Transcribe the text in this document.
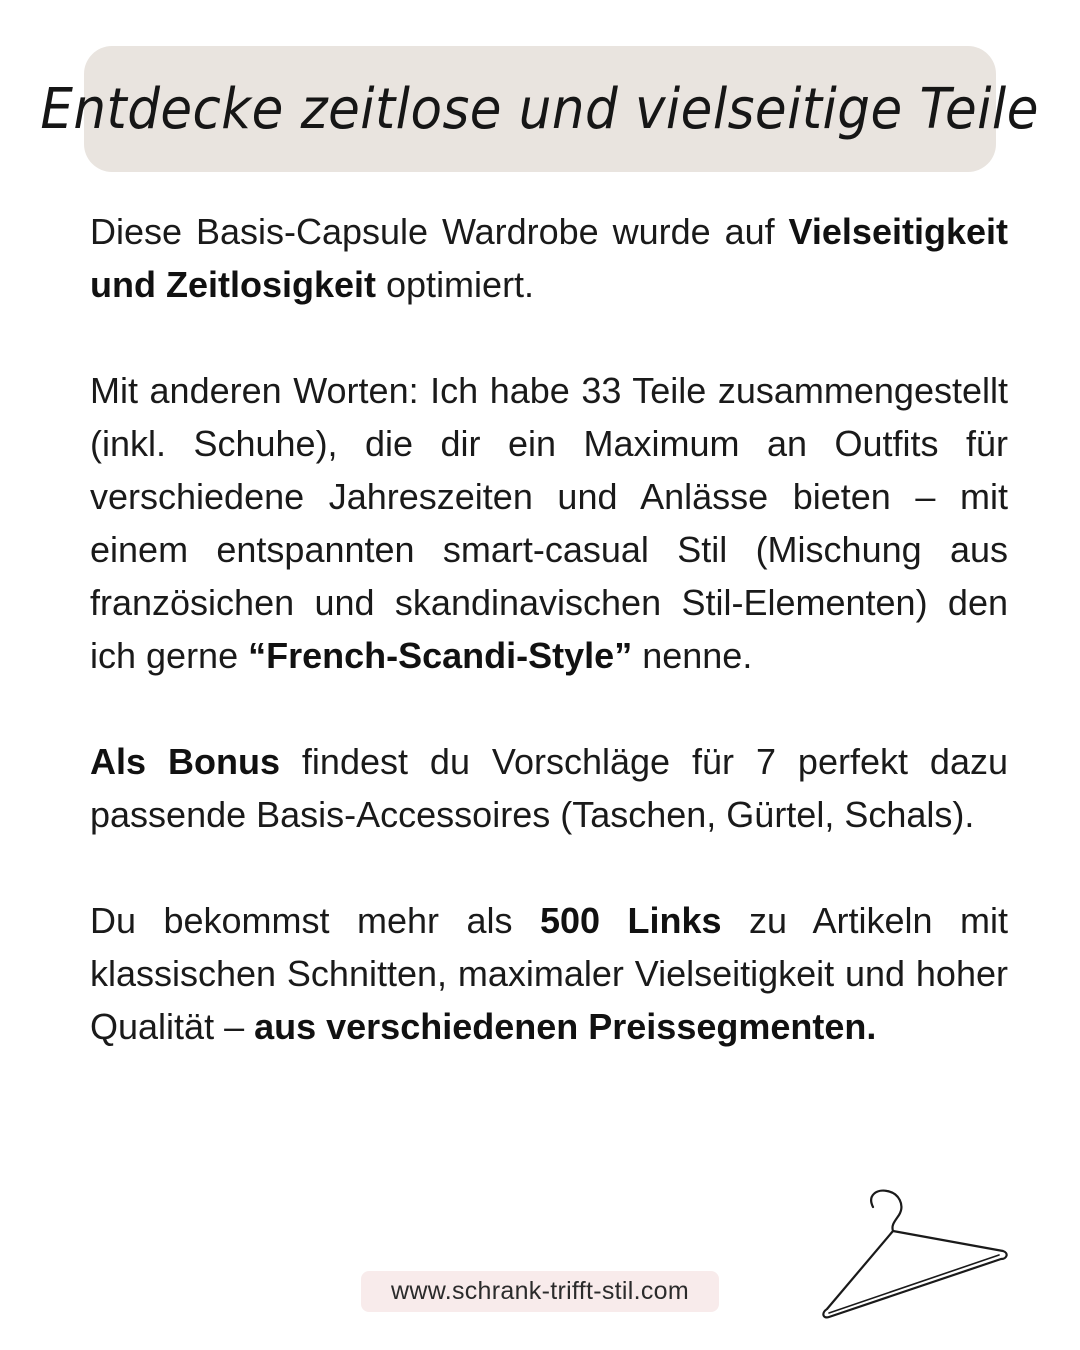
Entdecke zeitlose und vielseitige Teile

Diese Basis-Capsule Wardrobe wurde auf Vielseitigkeit und Zeitlosigkeit optimiert.

Mit anderen Worten: Ich habe 33 Teile zusammengestellt (inkl. Schuhe), die dir ein Maximum an Outfits für verschiedene Jahreszeiten und Anlässe bieten – mit einem entspannten smart-casual Stil (Mischung aus französichen und skandinavischen Stil-Elementen) den ich gerne “French-Scandi-Style” nenne.

Als Bonus findest du Vorschläge für 7 perfekt dazu passende Basis-Accessoires (Taschen, Gürtel, Schals).

Du bekommst mehr als 500 Links zu Artikeln mit klassischen Schnitten, maximaler Vielseitigkeit und hoher Qualität – aus verschiedenen Preissegmenten.

www.schrank-trifft-stil.com
